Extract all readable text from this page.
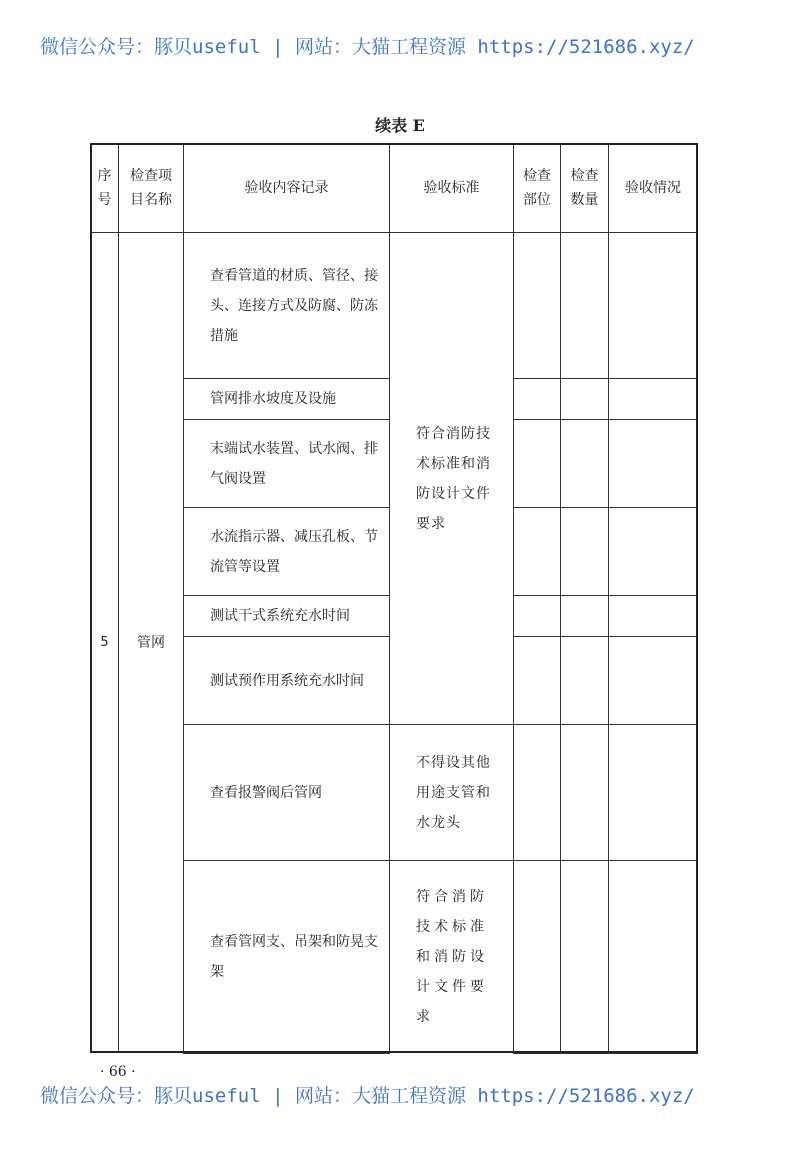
微信公众号：豚贝useful | 网站：大猫工程资源 https://521686.xyz/
续表 E
序号
检查项目名称
验收内容记录	验收标准
检查部位
检查数量
验收情况
5	管网
查看管道的材质、管径、接头、连接方式及防腐、防冻措施
管网排水坡度及设施
末端试水装置、试水阀、排气阀设置
水流指示器、减压孔板、节流管等设置
测试干式系统充水时间
测试预作用系统充水时间
查看报警阀后管网
查看管网支、吊架和防晃支架
符合消防技术标准和消防设计文件要求
不得设其他用途支管和水龙头
符合消防技术标准和消防设计文件要求
· 66 ·
微信公众号：豚贝useful | 网站：大猫工程资源 https://521686.xyz/
